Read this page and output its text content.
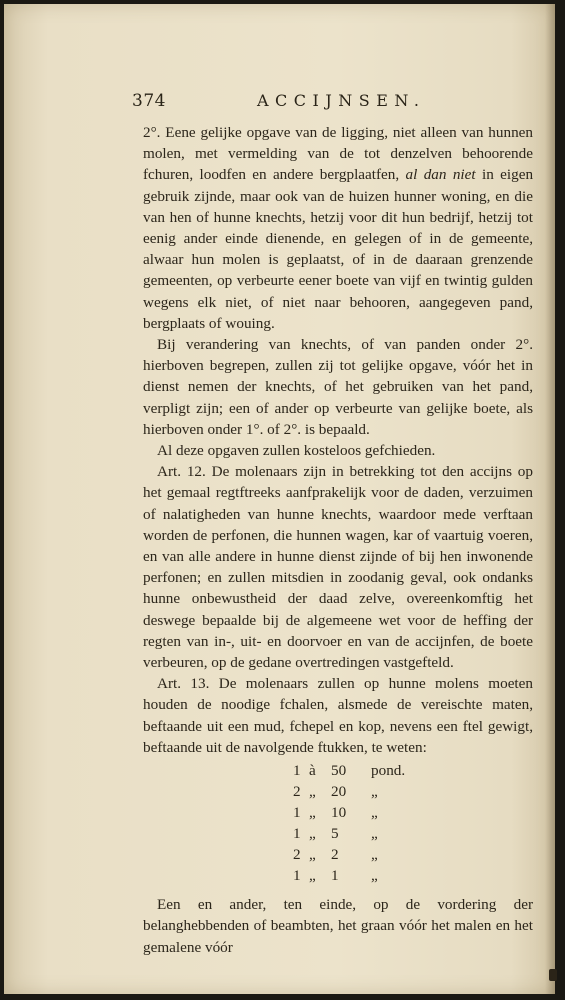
374	ACCIJNSEN.

2°. Eene gelijke opgave van de ligging, niet alleen van hunnen molen, met vermelding van de tot denzelven behoorende fchuren, loodfen en andere bergplaatfen, al dan niet in eigen gebruik zijnde, maar ook van de huizen hunner woning, en die van hen of hunne knechts, hetzij voor dit hun bedrijf, hetzij tot eenig ander einde dienende, en gelegen of in de gemeente, alwaar hun molen is geplaatst, of in de daaraan grenzende gemeenten, op verbeurte eener boete van vijf en twintig gulden wegens elk niet, of niet naar behooren, aangegeven pand, bergplaats of wouing.

Bij verandering van knechts, of van panden onder 2°. hierboven begrepen, zullen zij tot gelijke opgave, vóór het in dienst nemen der knechts, of het gebruiken van het pand, verpligt zijn; een of ander op verbeurte van gelijke boete, als hierboven onder 1°. of 2°. is bepaald.

Al deze opgaven zullen kosteloos gefchieden.

Art. 12. De molenaars zijn in betrekking tot den accijns op het gemaal regtftreeks aanfprakelijk voor de daden, verzuimen of nalatigheden van hunne knechts, waardoor mede verftaan worden de perfonen, die hunnen wagen, kar of vaartuig voeren, en van alle andere in hunne dienst zijnde of bij hen inwonende perfonen; en zullen mitsdien in zoodanig geval, ook ondanks hunne onbewustheid der daad zelve, overeenkomftig het deswege bepaalde bij de algemeene wet voor de heffing der regten van in-, uit- en doorvoer en van de accijnfen, de boete verbeuren, op de gedane overtredingen vastgefteld.

Art. 13. De molenaars zullen op hunne molens moeten houden de noodige fchalen, alsmede de vereischte maten, beftaande uit een mud, fchepel en kop, nevens een ftel gewigt, beftaande uit de navolgende ftukken, te weten:

1 à	50	pond.
2 „	20	„
1 „	10	„
1 „	5	„
2 „	2	„
1 „	1	„

Een en ander, ten einde, op de vordering der belanghebbenden of beambten, het graan vóór het malen en het gemalene vóór
